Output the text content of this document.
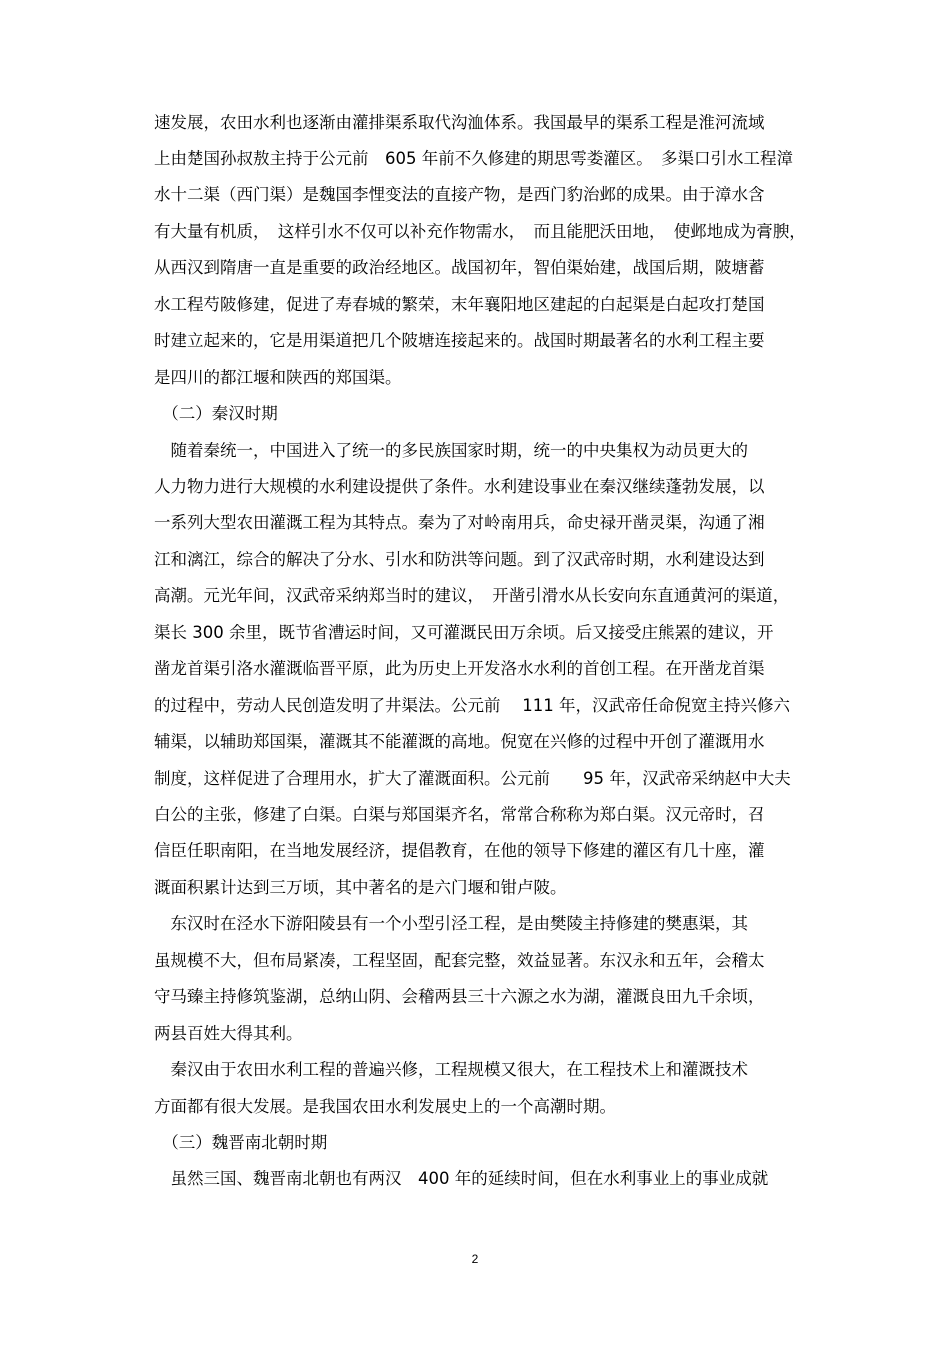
速发展，农田水利也逐渐由灌排渠系取代沟洫体系。我国最早的渠系工程是淮河流域
上由楚国孙叔敖主持于公元前　605 年前不久修建的期思雩娄灌区。　多渠口引水工程漳
水十二渠（西门渠）是魏国李悝变法的直接产物，是西门豹治邺的成果。由于漳水含
有大量有机质，　这样引水不仅可以补充作物需水，　而且能肥沃田地，　使邺地成为膏腴，
从西汉到隋唐一直是重要的政治经地区。战国初年，智伯渠始建，战国后期，陂塘蓄
水工程芍陂修建，促进了寿春城的繁荣，末年襄阳地区建起的白起渠是白起攻打楚国
时建立起来的，它是用渠道把几个陂塘连接起来的。战国时期最著名的水利工程主要
是四川的都江堰和陕西的郑国渠。
　（二）秦汉时期
　随着秦统一，中国进入了统一的多民族国家时期，统一的中央集权为动员更大的
人力物力进行大规模的水利建设提供了条件。水利建设事业在秦汉继续蓬勃发展，以
一系列大型农田灌溉工程为其特点。秦为了对岭南用兵，命史禄开凿灵渠，沟通了湘
江和漓江，综合的解决了分水、引水和防洪等问题。到了汉武帝时期，水利建设达到
高潮。元光年间，汉武帝采纳郑当时的建议，　开凿引滑水从长安向东直通黄河的渠道，
渠长 300 余里，既节省漕运时间，又可灌溉民田万余顷。后又接受庄熊罴的建议，开
凿龙首渠引洛水灌溉临晋平原，此为历史上开发洛水水利的首创工程。在开凿龙首渠
的过程中，劳动人民创造发明了井渠法。公元前　 111 年，汉武帝任命倪宽主持兴修六
辅渠，以辅助郑国渠，灌溉其不能灌溉的高地。倪宽在兴修的过程中开创了灌溉用水
制度，这样促进了合理用水，扩大了灌溉面积。公元前　　95 年，汉武帝采纳赵中大夫
白公的主张，修建了白渠。白渠与郑国渠齐名，常常合称称为郑白渠。汉元帝时，召
信臣任职南阳，在当地发展经济，提倡教育，在他的领导下修建的灌区有几十座，灌
溉面积累计达到三万顷，其中著名的是六门堰和钳卢陂。
　东汉时在泾水下游阳陵县有一个小型引泾工程，是由樊陵主持修建的樊惠渠，其
虽规模不大，但布局紧凑，工程坚固，配套完整，效益显著。东汉永和五年，会稽太
守马臻主持修筑鉴湖，总纳山阴、会稽两县三十六源之水为湖，灌溉良田九千余顷，
两县百姓大得其利。
　秦汉由于农田水利工程的普遍兴修，工程规模又很大，在工程技术上和灌溉技术
方面都有很大发展。是我国农田水利发展史上的一个高潮时期。
　（三）魏晋南北朝时期
　虽然三国、魏晋南北朝也有两汉　400 年的延续时间，但在水利事业上的事业成就
2
